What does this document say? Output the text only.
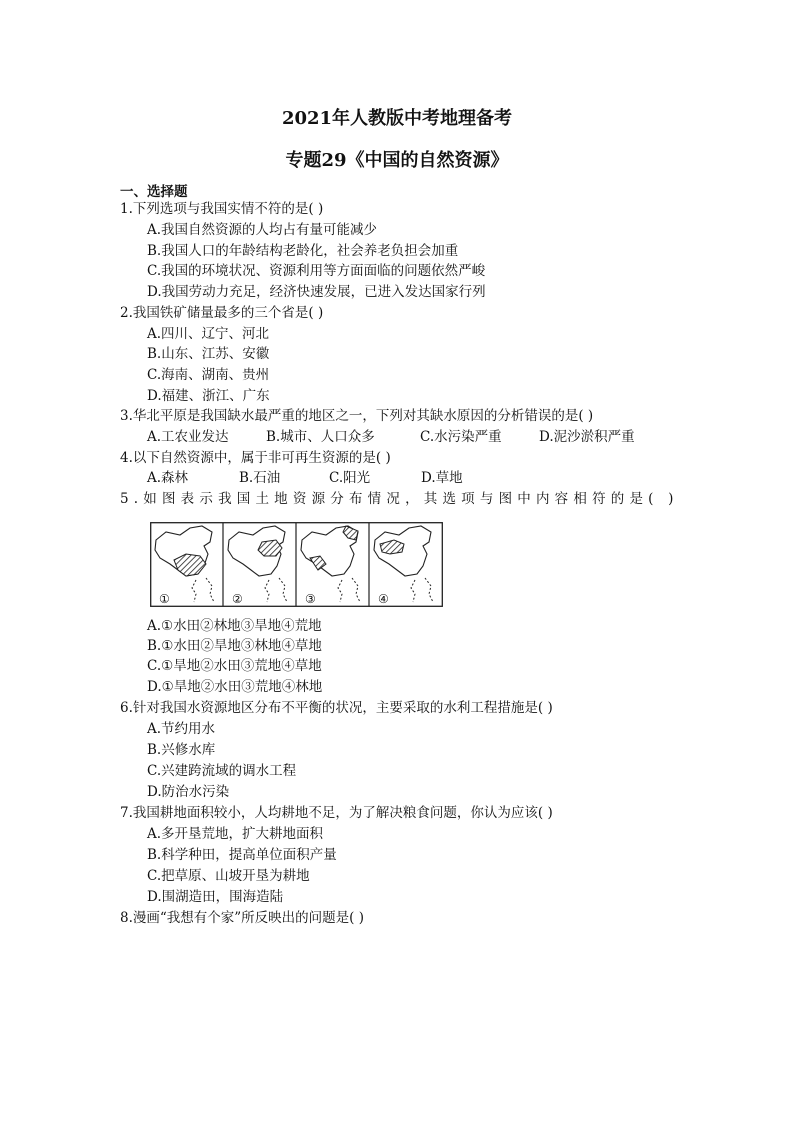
2021年人教版中考地理备考
专题29《中国的自然资源》
一、选择题
1.下列选项与我国实情不符的是( )
A.我国自然资源的人均占有量可能减少
B.我国人口的年龄结构老龄化，社会养老负担会加重
C.我国的环境状况、资源利用等方面面临的问题依然严峻
D.我国劳动力充足，经济快速发展，已进入发达国家行列
2.我国铁矿储量最多的三个省是( )
A.四川、辽宁、河北
B.山东、江苏、安徽
C.海南、湖南、贵州
D.福建、浙江、广东
3.华北平原是我国缺水最严重的地区之一，下列对其缺水原因的分析错误的是( )
A.工农业发达	B.城市、人口众多	C.水污染严重	D.泥沙淤积严重
4.以下自然资源中，属于非可再生资源的是( )
A.森林	B.石油	C.阳光	D.草地
5.如图表示我国土地资源分布情况，其选项与图中内容相符的是( )
①	②	③	④
A.①水田②林地③旱地④荒地
B.①水田②旱地③林地④草地
C.①旱地②水田③荒地④草地
D.①旱地②水田③荒地④林地
6.针对我国水资源地区分布不平衡的状况，主要采取的水利工程措施是( )
A.节约用水
B.兴修水库
C.兴建跨流域的调水工程
D.防治水污染
7.我国耕地面积较小，人均耕地不足，为了解决粮食问题，你认为应该( )
A.多开垦荒地，扩大耕地面积
B.科学种田，提高单位面积产量
C.把草原、山坡开垦为耕地
D.围湖造田，围海造陆
8.漫画“我想有个家”所反映出的问题是( )
